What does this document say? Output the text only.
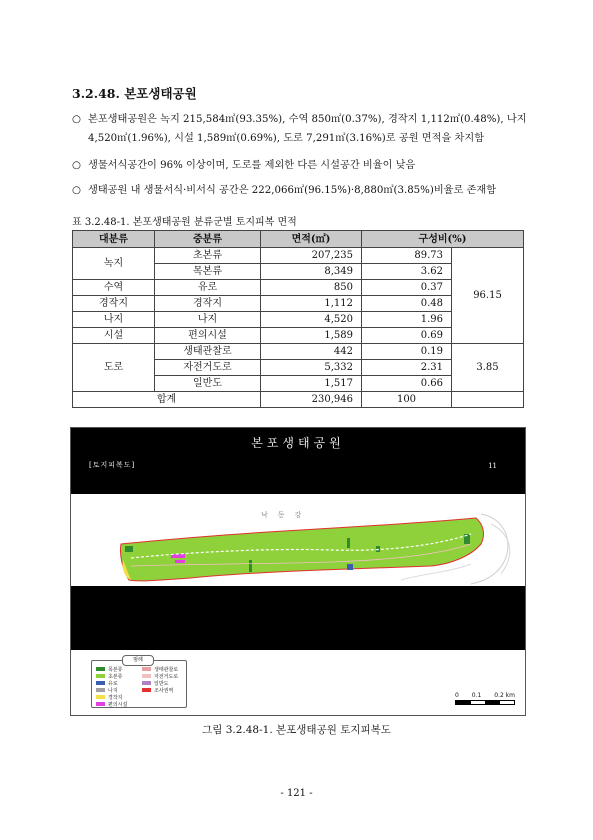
3.2.48. 본포생태공원
○ 본포생태공원은 녹지 215,584㎡(93.35%), 수역 850㎡(0.37%), 경작지 1,112㎡(0.48%), 나지
4,520㎡(1.96%), 시설 1,589㎡(0.69%), 도로 7,291㎡(3.16%)로 공원 면적을 차지함
○ 생물서식공간이 96% 이상이며, 도로를 제외한 다른 시설공간 비율이 낮음
○ 생태공원 내 생물서식·비서식 공간은 222,066㎡(96.15%)·8,880㎡(3.85%)비율로 존재함
표 3.2.48-1. 본포생태공원 분류군별 토지피복 면적
대분류	중분류	면적(㎡)	구성비(%)	
녹지	초본류	207,235	89.73	96.15
	목본류	8,349	3.62	
수역	유로	850	0.37	
경작지	경작지	1,112	0.48	
나지	나지	4,520	1.96	
시설	편의시설	1,589	0.69	
도로	생태관찰로	442	0.19	3.85
	자전거도로	5,332	2.31	
	일반도	1,517	0.66	
합계		230,946	100	
본포생태공원
[토지피복도]	11
낙동강
범례
목본류	생태관찰로
초본류	자전거도로
유로	일반도
나지	조사권역
경작지
편의시설
0 0.1 0.2 km
그림 3.2.48-1. 본포생태공원 토지피복도
- 121 -
